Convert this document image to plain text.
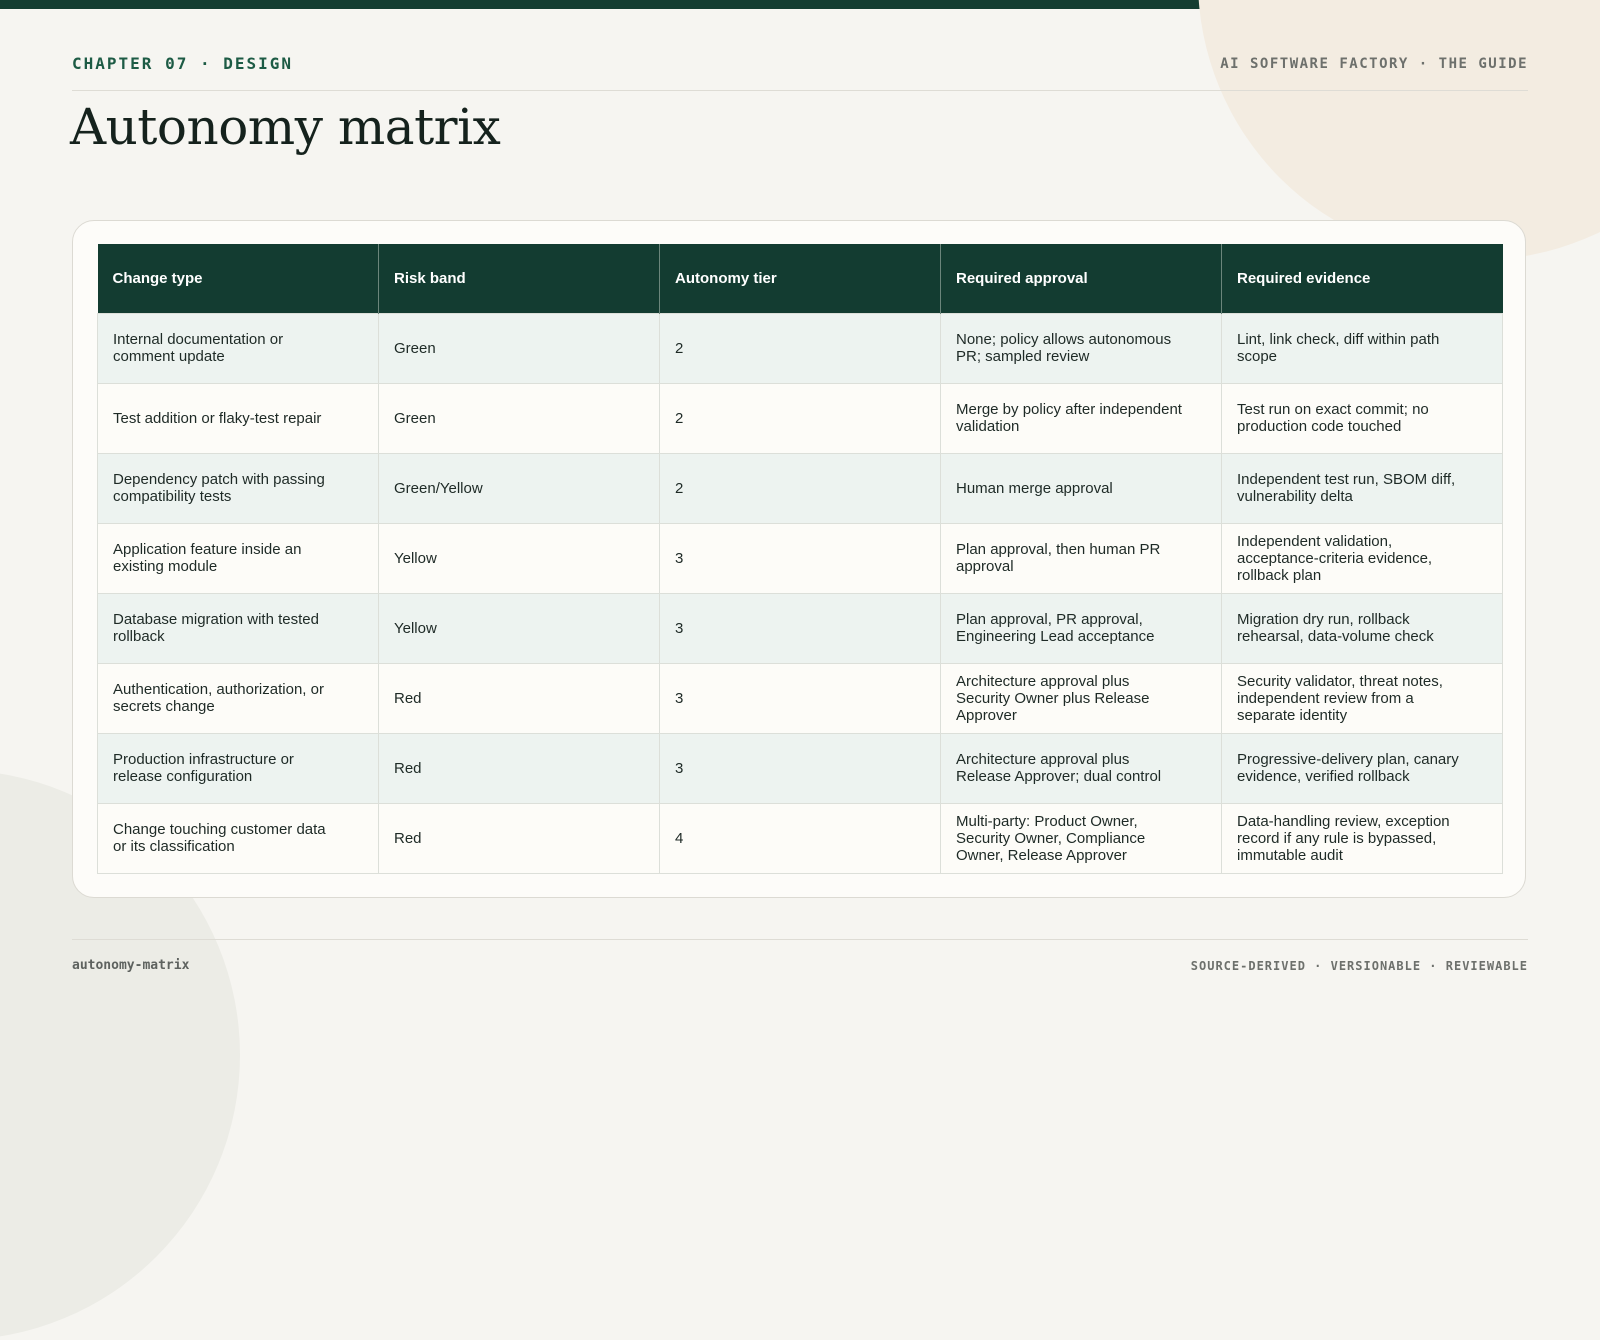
CHAPTER 07 · DESIGN	AI SOFTWARE FACTORY · THE GUIDE
Autonomy matrix
Change type	Risk band	Autonomy tier	Required approval	Required evidence

Internal documentation or comment update	Green	2	None; policy allows autonomous PR; sampled review	Lint, link check, diff within path scope

Test addition or flaky-test repair	Green	2	Merge by policy after independent validation	Test run on exact commit; no production code touched

Dependency patch with passing compatibility tests	Green/Yellow	2	Human merge approval	Independent test run, SBOM diff, vulnerability delta

Application feature inside an existing module	Yellow	3	Plan approval, then human PR approval	Independent validation, acceptance-criteria evidence, rollback plan

Database migration with tested rollback	Yellow	3	Plan approval, PR approval, Engineering Lead acceptance	Migration dry run, rollback rehearsal, data-volume check

Authentication, authorization, or secrets change	Red	3	Architecture approval plus Security Owner plus Release Approver	Security validator, threat notes, independent review from a separate identity

Production infrastructure or release configuration	Red	3	Architecture approval plus Release Approver; dual control	Progressive-delivery plan, canary evidence, verified rollback

Change touching customer data or its classification	Red	4	Multi-party: Product Owner, Security Owner, Compliance Owner, Release Approver	Data-handling review, exception record if any rule is bypassed, immutable audit
autonomy-matrix	SOURCE-DERIVED · VERSIONABLE · REVIEWABLE
